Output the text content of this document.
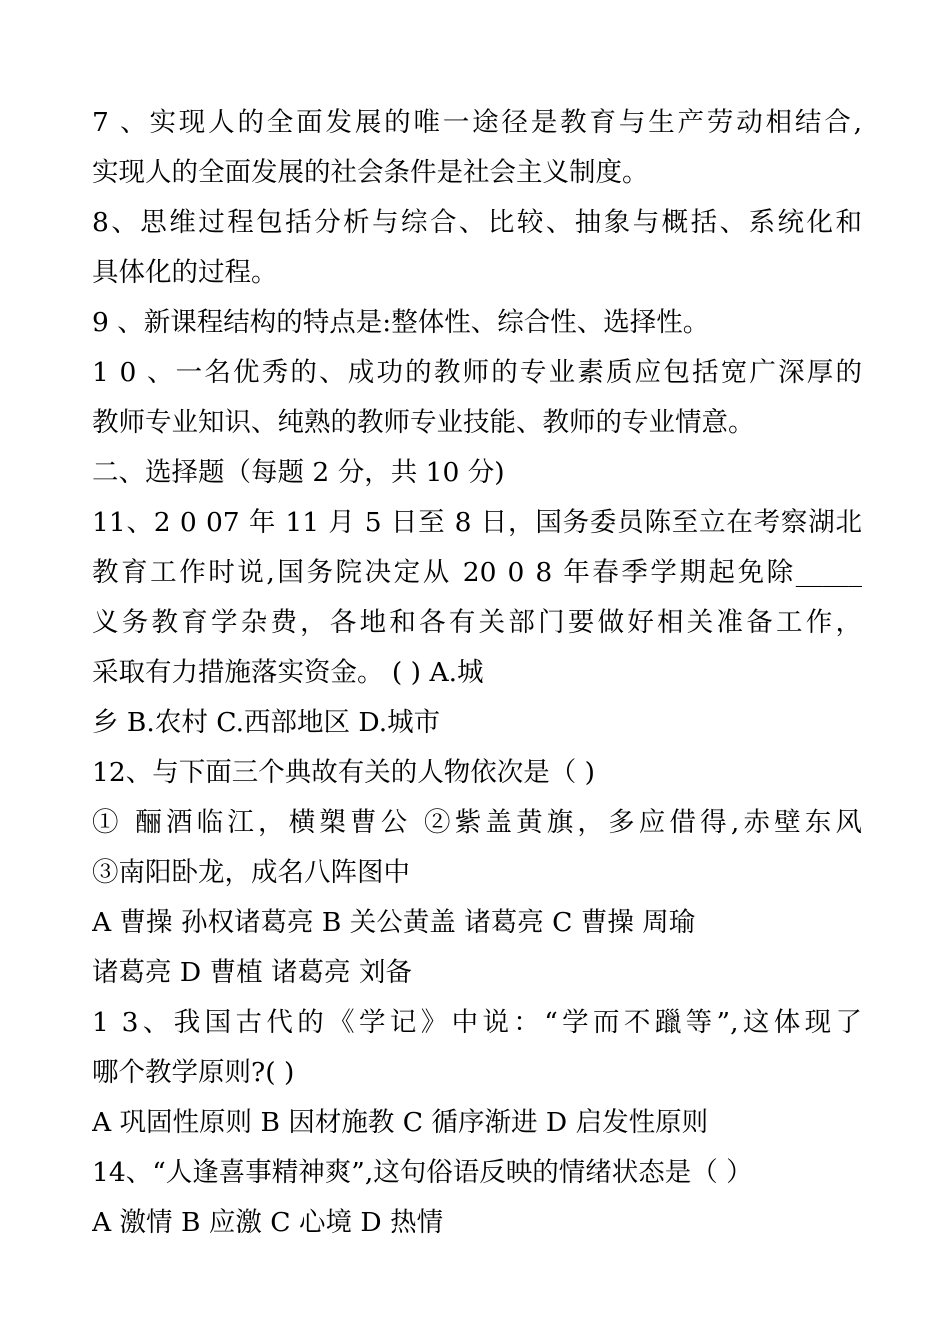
7 、实现人的全面发展的唯一途径是教育与生产劳动相结合,
实现人的全面发展的社会条件是社会主义制度。
8、思维过程包括分析与综合、比较、抽象与概括、系统化和
具体化的过程。
9 、新课程结构的特点是:整体性、综合性、选择性。
1 0 、一名优秀的、成功的教师的专业素质应包括宽广深厚的
教师专业知识、纯熟的教师专业技能、教师的专业情意。
二、选择题（每题 2 分，共 10 分)
11、2 0 07 年 11 月 5 日至 8 日，国务委员陈至立在考察湖北
教育工作时说,国务院决定从 20 0 8 年春季学期起免除_____
义务教育学杂费，各地和各有关部门要做好相关准备工作，
采取有力措施落实资金。 ( ) A.城
乡 B.农村 C.西部地区 D.城市
12、与下面三个典故有关的人物依次是（ )
① 酾酒临江，横槊曹公 ②紫盖黄旗，多应借得,赤壁东风
③南阳卧龙，成名八阵图中
A 曹操 孙权诸葛亮 B 关公黄盖 诸葛亮 C 曹操 周瑜
诸葛亮 D 曹植 诸葛亮 刘备
1 3、我国古代的《学记》中说：“学而不躐等”,这体现了
哪个教学原则?( )
A 巩固性原则 B 因材施教 C 循序渐进 D 启发性原则
14、“人逢喜事精神爽”,这句俗语反映的情绪状态是（ ）
A 激情 B 应激 C 心境 D 热情
